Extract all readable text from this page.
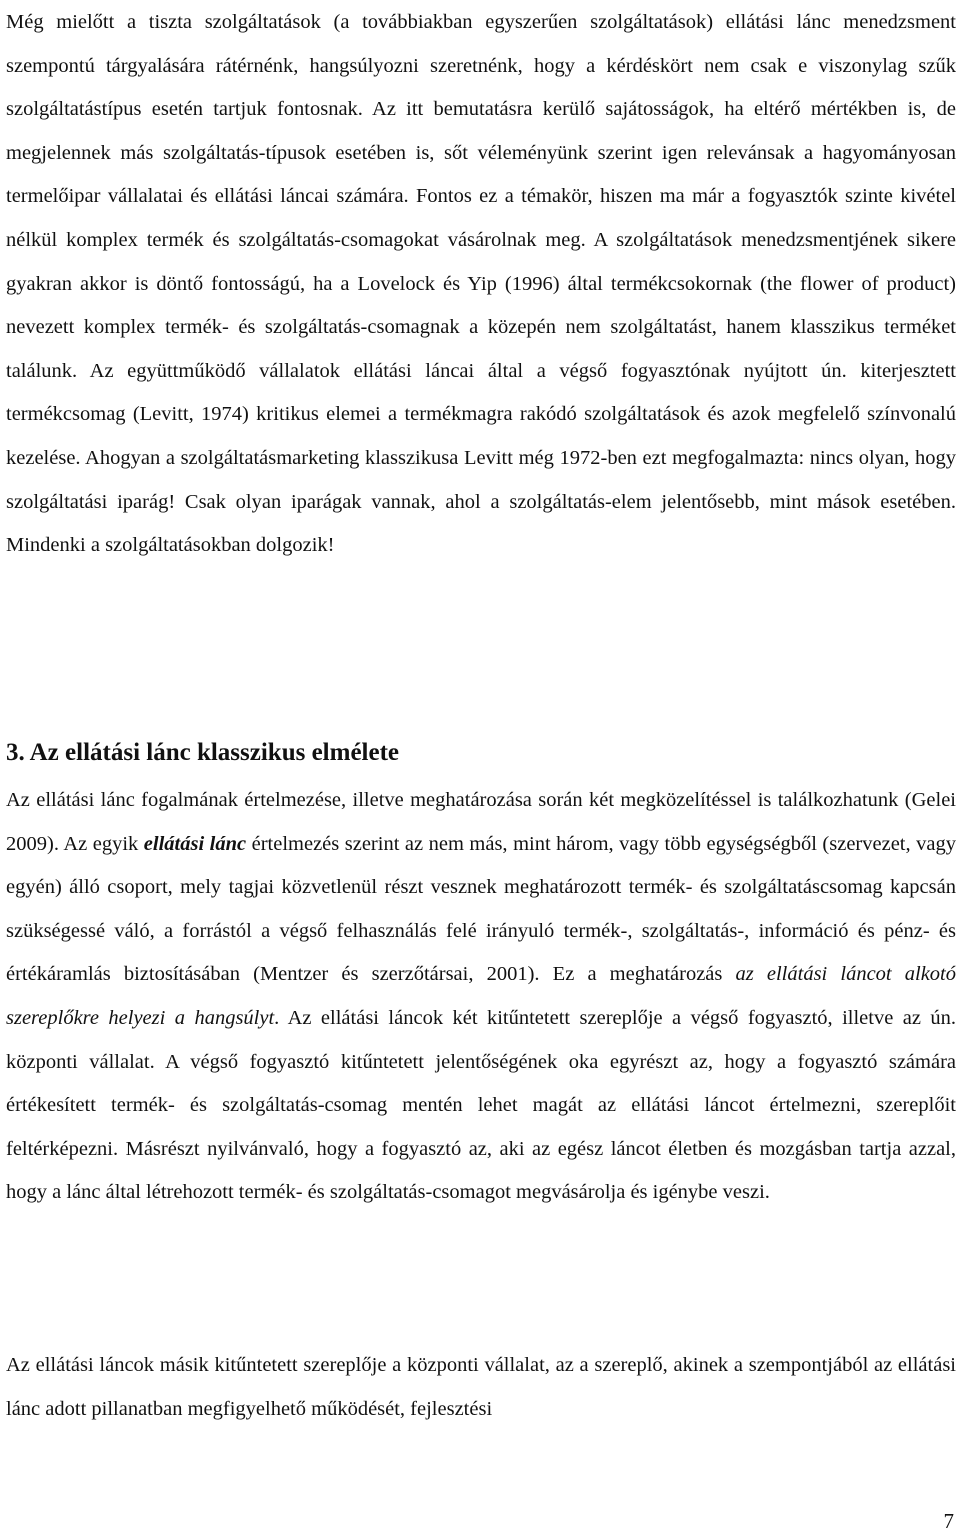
Még mielőtt a tiszta szolgáltatások (a továbbiakban egyszerűen szolgáltatások) ellátási lánc menedzsment szempontú tárgyalására rátérnénk, hangsúlyozni szeretnénk, hogy a kérdéskört nem csak e viszonylag szűk szolgáltatástípus esetén tartjuk fontosnak. Az itt bemutatásra kerülő sajátosságok, ha eltérő mértékben is, de megjelennek más szolgáltatás-típusok esetében is, sőt véleményünk szerint igen relevánsak a hagyományosan termelőipar vállalatai és ellátási láncai számára. Fontos ez a témakör, hiszen ma már a fogyasztók szinte kivétel nélkül komplex termék és szolgáltatás-csomagokat vásárolnak meg. A szolgáltatások menedzsmentjének sikere gyakran akkor is döntő fontosságú, ha a Lovelock és Yip (1996) által termékcsokornak (the flower of product) nevezett komplex termék- és szolgáltatás-csomagnak a közepén nem szolgáltatást, hanem klasszikus terméket találunk. Az együttműködő vállalatok ellátási láncai által a végső fogyasztónak nyújtott ún. kiterjesztett termékcsomag (Levitt, 1974) kritikus elemei a termékmagra rakódó szolgáltatások és azok megfelelő színvonalú kezelése. Ahogyan a szolgáltatásmarketing klasszikusa Levitt még 1972-ben ezt megfogalmazta: nincs olyan, hogy szolgáltatási iparág! Csak olyan iparágak vannak, ahol a szolgáltatás-elem jelentősebb, mint mások esetében. Mindenki a szolgáltatásokban dolgozik!

3. Az ellátási lánc klasszikus elmélete

Az ellátási lánc fogalmának értelmezése, illetve meghatározása során két megközelítéssel is találkozhatunk (Gelei 2009). Az egyik ellátási lánc értelmezés szerint az nem más, mint három, vagy több egységségből (szervezet, vagy egyén) álló csoport, mely tagjai közvetlenül részt vesznek meghatározott termék- és szolgáltatáscsomag kapcsán szükségessé váló, a forrástól a végső felhasználás felé irányuló termék-, szolgáltatás-, információ és pénz- és értékáramlás biztosításában (Mentzer és szerzőtársai, 2001). Ez a meghatározás az ellátási láncot alkotó szereplőkre helyezi a hangsúlyt. Az ellátási láncok két kitűntetett szereplője a végső fogyasztó, illetve az ún. központi vállalat. A végső fogyasztó kitűntetett jelentőségének oka egyrészt az, hogy a fogyasztó számára értékesített termék- és szolgáltatás-csomag mentén lehet magát az ellátási láncot értelmezni, szereplőit feltérképezni. Másrészt nyilvánvaló, hogy a fogyasztó az, aki az egész láncot életben és mozgásban tartja azzal, hogy a lánc által létrehozott termék- és szolgáltatás-csomagot megvásárolja és igénybe veszi.

Az ellátási láncok másik kitűntetett szereplője a központi vállalat, az a szereplő, akinek a szempontjából az ellátási lánc adott pillanatban megfigyelhető működését, fejlesztési

7
